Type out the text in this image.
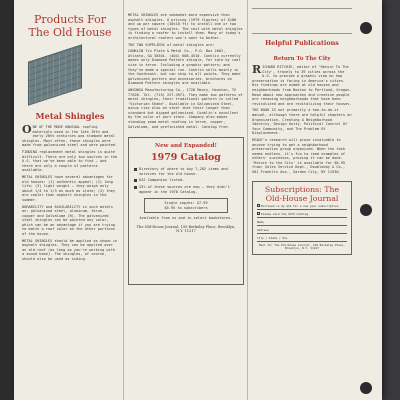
Products For The Old House
Metal Shingles
ONE OF THE MORE UNUSUAL roofing materials used in the late 19th and early 20th centuries was stamped metal shingles. Most often, these shingles were made from galvanized steel and were painted.
FINDING replacement metal shingles is quite difficult. There are only two sources in the U.S. that we've been able to find — and there are only a couple of patterns available.
METAL SHINGLES have several advantages for old houses: (1) authentic appeal; (2) long life; (3) light weight — they weigh only about 1/4 to 1/3 as much as slate; (4) they are cooler than asphalt shingles in the summer.
DURABILITY and AVAILABILITY in such metals as: galvanized steel, aluminum, terne, copper and Galvalume (R). The galvanized steel shingles can be painted any color, which can be an advantage if you are trying to match a roof color on the other portions of the house.
METAL SHINGLES should be applied as shown in asphalt shingles. They can be applied over an old roof (as long as you're working with a sound base). The shingles, of course, should also be used as siding.
METAL SHINGLES are somewhat more expensive than asphalt shingles. A pricing (1979 figures) of $180 and up per square (10x10 ft) to install one or two types of metal shingles. The cost with metal shingles is finding a roofer to install them. Many of today's architectural roofers won't want to bother.
THE TWO SUPPLIERS of metal shingles are:
CONKLIN Tin Plate & Metal Co., P.O. Box 2662, Atlanta, GA 30301. (404) 688-4510. Conklin currently makes only Diamond Pattern shingle, for sale by roof size in terne. Including a graphic pattern; and they've made a special run. Conklin sells mainly in the Southeast, but can ship to all points. They make galvanized gutters and accessories, brochures on Diamond Pattern shingles are available.
ANSONIA Manufacturing Co., 1720 Maury, Houston, TX 77026. Tel. (713) 227-4971. They make two patterns of metal shingles, their traditional pattern is called 'Victorian Shake'. Available in Galvanized Steel, minus rise also on steel that their longer than standard but dipped galvanized. Conklin's excellent by the color of port stain. Company also makes standing seam metal roofing in terne, copper, Galvalume, and prefinished metal. Catalog free.
New and Expanded!
1979 Catalog
Directory of where to buy 7,282 items and services for the old house.
642 Companies listed.
25% of these sources are new — they didn't appear in the 1978 Catalog.
Single copies: $7.95
$5.95 to subscribers
Available from us and in select bookstores.
The Old-House Journal, 199 Berkeley Place, Brooklyn, N.Y. 11217
Helpful Publications
Return To The City
RICHARD RITCHIE, editor of 'Return To The City', travels to 39 cities across the U.S. to provide a graphic view on how preservation is faring in America's cities. His findings are aimed at old houses and neighborhoods from Boston to Portland, Oregon. Read about new approaches and creative people are renewing neighborhoods that have been revitalized and are revitalizing their houses.
THE BOOK IS not primarily a how-to-do-it manual, although there are helpful chapters on Organization, Creating A Neighborhood Identity, Design Unity, Political Control Of Your Community, and The Problem Of Displacement.
READY's research will prove invaluable to anyone trying to get a neighborhood preservation group organized. When the task seems endless, it's fun to read examples of others' successes, proving it can be done. 'Return to the City' is available for $8.95 from: Sales Service Dept., Doubleday & Co., 501 Franklin Ave., Garden City, NY 11530.
Subscriptions: The Old-House Journal
Enclosed is my $12 for a one year subscription
Please send the 1979 Catalog
Name
Address
City / State / Zip
Mail to: The Old-House Journal, 199 Berkeley Place, Brooklyn, N.Y. 11217
